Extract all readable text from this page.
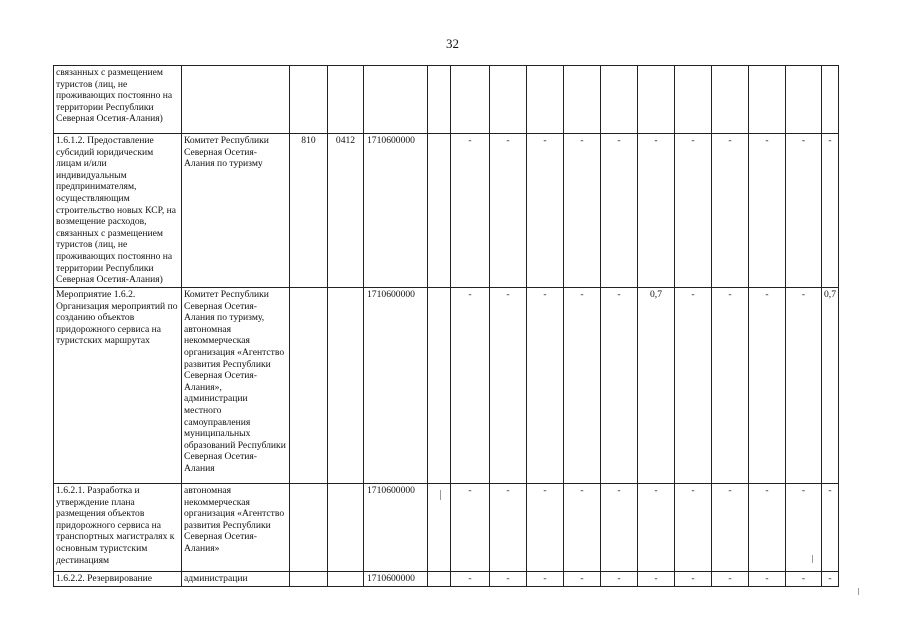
32
связанных с размещением туристов (лиц, не проживающих постоянно на территории Республики Северная Осетия-Алания)																
1.6.1.2. Предоставление субсидий юридическим лицам и/или индивидуальным предпринимателям, осуществляющим строительство новых КСР, на возмещение расходов, связанных с размещением туристов (лиц, не проживающих постоянно на территории Республики Северная Осетия-Алания)	Комитет Республики Северная Осетия-Алания по туризму	810	0412	1710600000		-	-	-	-	-	-	-	-	-	-	-
Мероприятие 1.6.2. Организация мероприятий по созданию объектов придорожного сервиса на туристских маршрутах	Комитет Республики Северная Осетия-Алания по туризму, автономная некоммерческая организация «Агентство развития Республики Северная Осетия-Алания», администрации местного самоуправления муниципальных образований Республики Северная Осетия-Алания			1710600000		-	-	-	-	-	0,7	-	-	-	-	0,7
1.6.2.1. Разработка и утверждение плана размещения объектов придорожного сервиса на транспортных магистралях к основным туристским дестинациям	автономная некоммерческая организация «Агентство развития Республики Северная Осетия-Алания»			1710600000		-	-	-	-	-	-	-	-	-	-	-
1.6.2.2. Резервирование	администрации			1710600000		-	-	-	-	-	-	-	-	-	-	-
